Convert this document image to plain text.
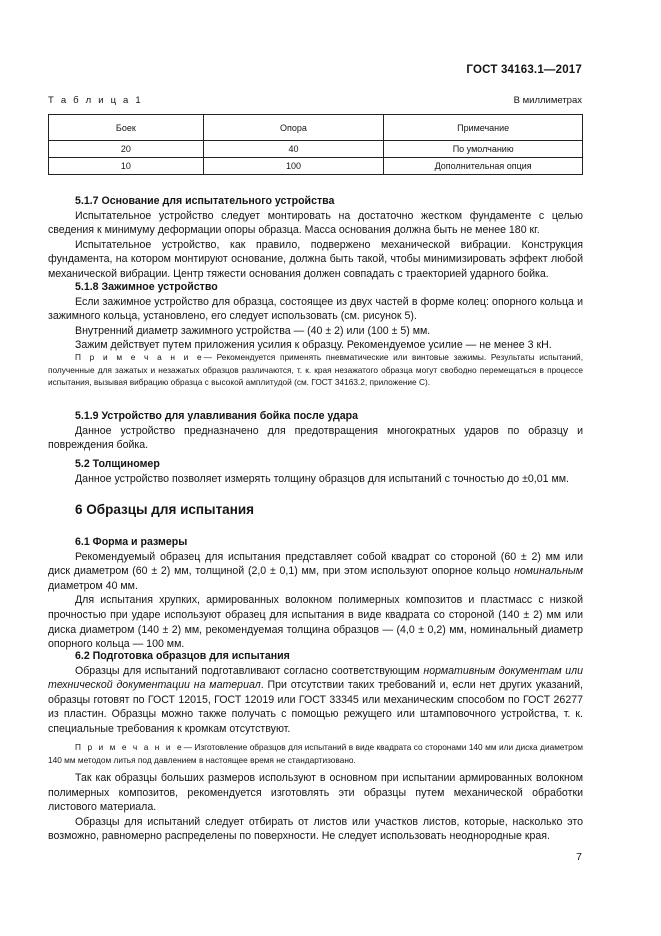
ГОСТ 34163.1—2017
Т а б л и ц а 1	В миллиметрах
Боек	Опора	Примечание
20	40	По умолчанию
10	100	Дополнительная опция

5.1.7 Основание для испытательного устройства

Испытательное устройство следует монтировать на достаточно жестком фундаменте с целью сведения к минимуму деформации опоры образца. Масса основания должна быть не менее 180 кг.

Испытательное устройство, как правило, подвержено механической вибрации. Конструкция фундамента, на котором монтируют основание, должна быть такой, чтобы минимизировать эффект любой механической вибрации. Центр тяжести основания должен совпадать с траекторией ударного бойка.

5.1.8 Зажимное устройство

Если зажимное устройство для образца, состоящее из двух частей в форме колец: опорного кольца и зажимного кольца, установлено, его следует использовать (см. рисунок 5).

Внутренний диаметр зажимного устройства — (40 ± 2) или (100 ± 5) мм.

Зажим действует путем приложения усилия к образцу. Рекомендуемое усилие — не менее 3 кН.

П р и м е ч а н и е— Рекомендуется применять пневматические или винтовые зажимы. Результаты испытаний, полученные для зажатых и незажатых образцов различаются, т. к. края незажатого образца могут свободно перемещаться в процессе испытания, вызывая вибрацию образца с высокой амплитудой (см. ГОСТ 34163.2, приложение С).

5.1.9 Устройство для улавливания бойка после удара

Данное устройство предназначено для предотвращения многократных ударов по образцу и повреждения бойка.

5.2 Толщиномер

Данное устройство позволяет измерять толщину образцов для испытаний с точностью до ±0,01 мм.

6 Образцы для испытания

6.1 Форма и размеры

Рекомендуемый образец для испытания представляет собой квадрат со стороной (60 ± 2) мм или диск диаметром (60 ± 2) мм, толщиной (2,0 ± 0,1) мм, при этом используют опорное кольцо номинальным диаметром 40 мм.

Для испытания хрупких, армированных волокном полимерных композитов и пластмасс с низкой прочностью при ударе используют образец для испытания в виде квадрата со стороной (140 ± 2) мм или диска диаметром (140 ± 2) мм, рекомендуемая толщина образцов — (4,0 ± 0,2) мм, номинальный диаметр опорного кольца — 100 мм.

6.2 Подготовка образцов для испытания

Образцы для испытаний подготавливают согласно соответствующим нормативным документам или технической документации на материал. При отсутствии таких требований и, если нет других указаний, образцы готовят по ГОСТ 12015, ГОСТ 12019 или ГОСТ 33345 или механическим способом по ГОСТ 26277 из пластин. Образцы можно также получать с помощью режущего или штамповочного устройства, т. к. специальные требования к кромкам отсутствуют.

П р и м е ч а н и е— Изготовление образцов для испытаний в виде квадрата со сторонами 140 мм или диска диаметром 140 мм методом литья под давлением в настоящее время не стандартизовано.

Так как образцы больших размеров используют в основном при испытании армированных волокном полимерных композитов, рекомендуется изготовлять эти образцы путем механической обработки листового материала.

Образцы для испытаний следует отбирать от листов или участков листов, которые, насколько это возможно, равномерно распределены по поверхности. Не следует использовать неоднородные края.

7
